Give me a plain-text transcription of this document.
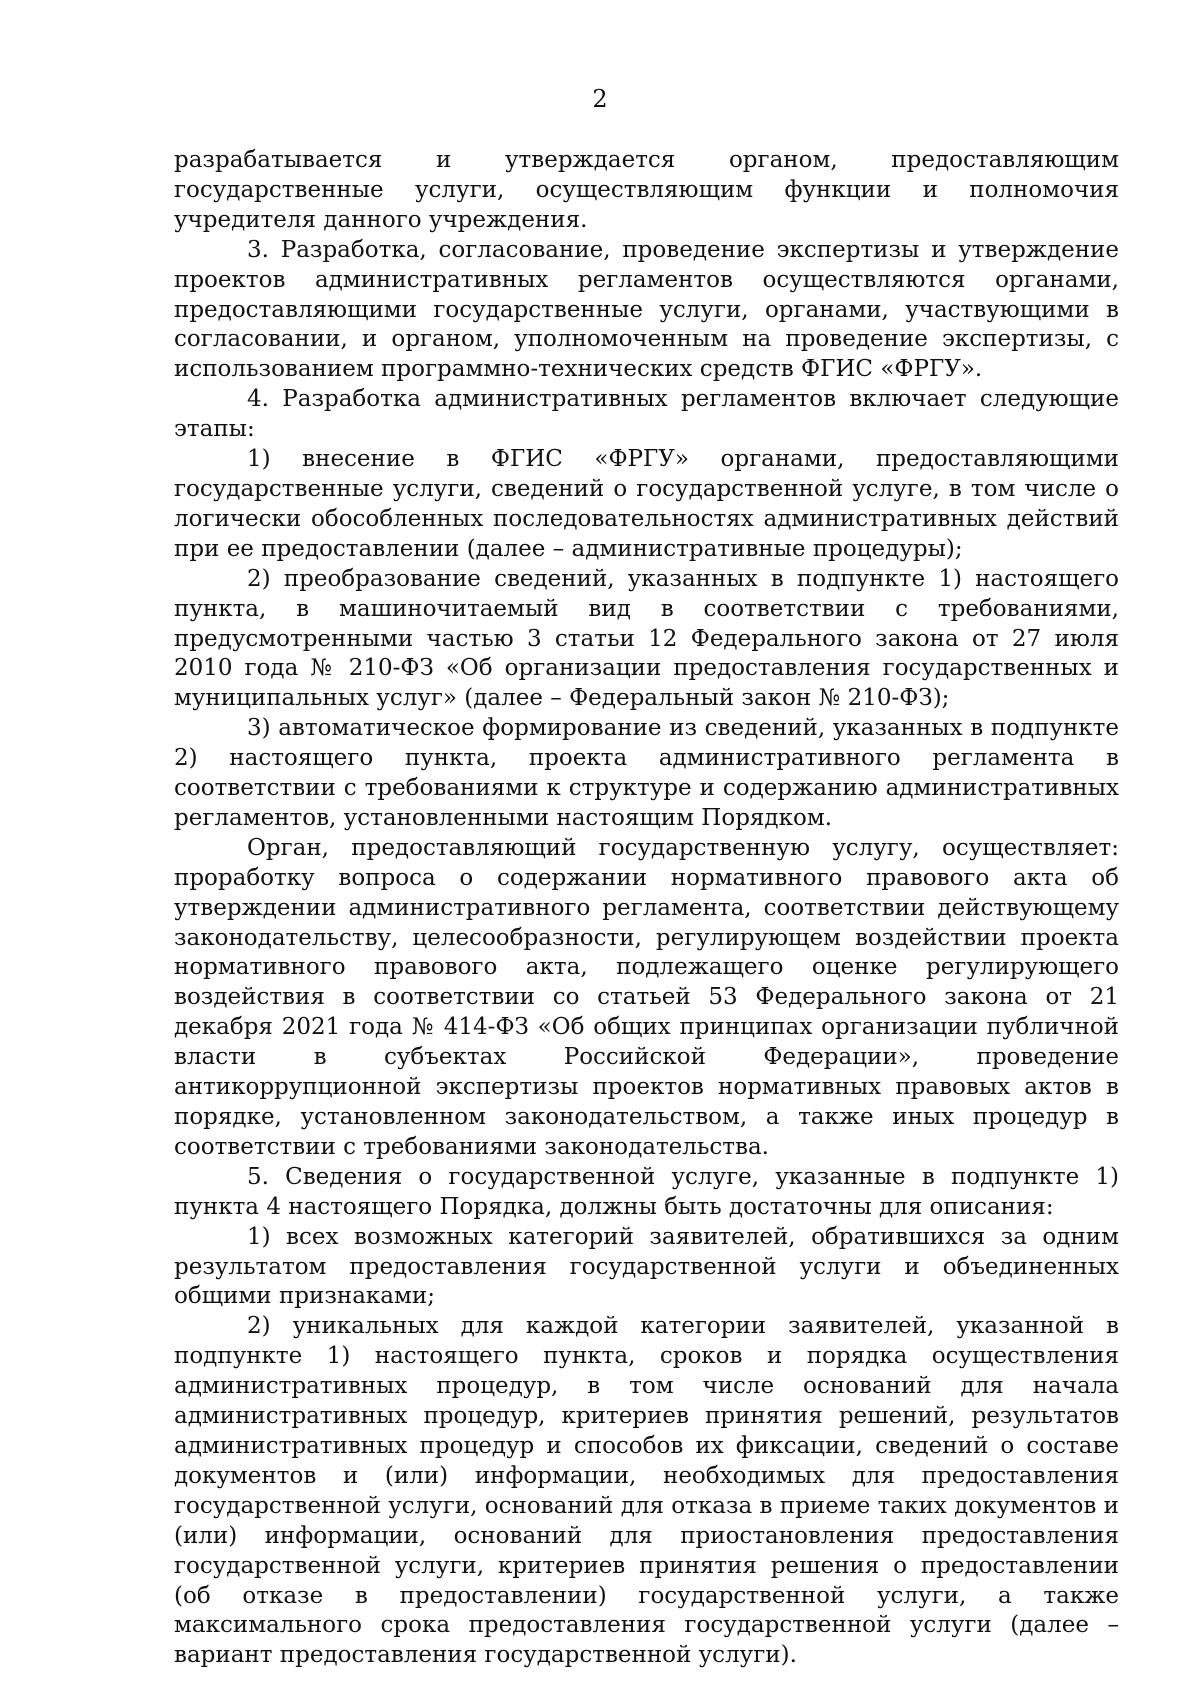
2

разрабатывается и утверждается органом, предоставляющим государственные услуги, осуществляющим функции и полномочия учредителя данного учреждения.

3. Разработка, согласование, проведение экспертизы и утверждение проектов административных регламентов осуществляются органами, предоставляющими государственные услуги, органами, участвующими в согласовании, и органом, уполномоченным на проведение экспертизы, с использованием программно-технических средств ФГИС «ФРГУ».

4. Разработка административных регламентов включает следующие этапы:

1) внесение в ФГИС «ФРГУ» органами, предоставляющими государственные услуги, сведений о государственной услуге, в том числе о логически обособленных последовательностях административных действий при ее предоставлении (далее – административные процедуры);

2) преобразование сведений, указанных в подпункте 1) настоящего пункта, в машиночитаемый вид в соответствии с требованиями, предусмотренными частью 3 статьи 12 Федерального закона от 27 июля 2010 года № 210-ФЗ «Об организации предоставления государственных и муниципальных услуг» (далее – Федеральный закон № 210-ФЗ);

3) автоматическое формирование из сведений, указанных в подпункте 2) настоящего пункта, проекта административного регламента в соответствии с требованиями к структуре и содержанию административных регламентов, установленными настоящим Порядком.

Орган, предоставляющий государственную услугу, осуществляет: проработку вопроса о содержании нормативного правового акта об утверждении административного регламента, соответствии действующему законодательству, целесообразности, регулирующем воздействии проекта нормативного правового акта, подлежащего оценке регулирующего воздействия в соответствии со статьей 53 Федерального закона от 21 декабря 2021 года № 414-ФЗ «Об общих принципах организации публичной власти в субъектах Российской Федерации», проведение антикоррупционной экспертизы проектов нормативных правовых актов в порядке, установленном законодательством, а также иных процедур в соответствии с требованиями законодательства.

5. Сведения о государственной услуге, указанные в подпункте 1) пункта 4 настоящего Порядка, должны быть достаточны для описания:

1) всех возможных категорий заявителей, обратившихся за одним результатом предоставления государственной услуги и объединенных общими признаками;

2) уникальных для каждой категории заявителей, указанной в подпункте 1) настоящего пункта, сроков и порядка осуществления административных процедур, в том числе оснований для начала административных процедур, критериев принятия решений, результатов административных процедур и способов их фиксации, сведений о составе документов и (или) информации, необходимых для предоставления государственной услуги, оснований для отказа в приеме таких документов и (или) информации, оснований для приостановления предоставления государственной услуги, критериев принятия решения о предоставлении (об отказе в предоставлении) государственной услуги, а также максимального срока предоставления государственной услуги (далее – вариант предоставления государственной услуги).
